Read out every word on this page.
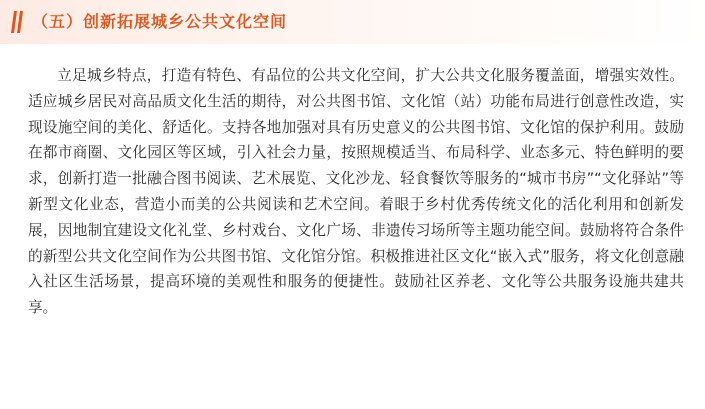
（五）创新拓展城乡公共文化空间

立足城乡特点，打造有特色、有品位的公共文化空间，扩大公共文化服务覆盖面，增强实效性。适应城乡居民对高品质文化生活的期待，对公共图书馆、文化馆（站）功能布局进行创意性改造，实现设施空间的美化、舒适化。支持各地加强对具有历史意义的公共图书馆、文化馆的保护利用。鼓励在都市商圈、文化园区等区域，引入社会力量，按照规模适当、布局科学、业态多元、特色鲜明的要求，创新打造一批融合图书阅读、艺术展览、文化沙龙、轻食餐饮等服务的“城市书房”“文化驿站”等新型文化业态，营造小而美的公共阅读和艺术空间。着眼于乡村优秀传统文化的活化利用和创新发展，因地制宜建设文化礼堂、乡村戏台、文化广场、非遗传习场所等主题功能空间。鼓励将符合条件的新型公共文化空间作为公共图书馆、文化馆分馆。积极推进社区文化“嵌入式”服务，将文化创意融入社区生活场景，提高环境的美观性和服务的便捷性。鼓励社区养老、文化等公共服务设施共建共享。
